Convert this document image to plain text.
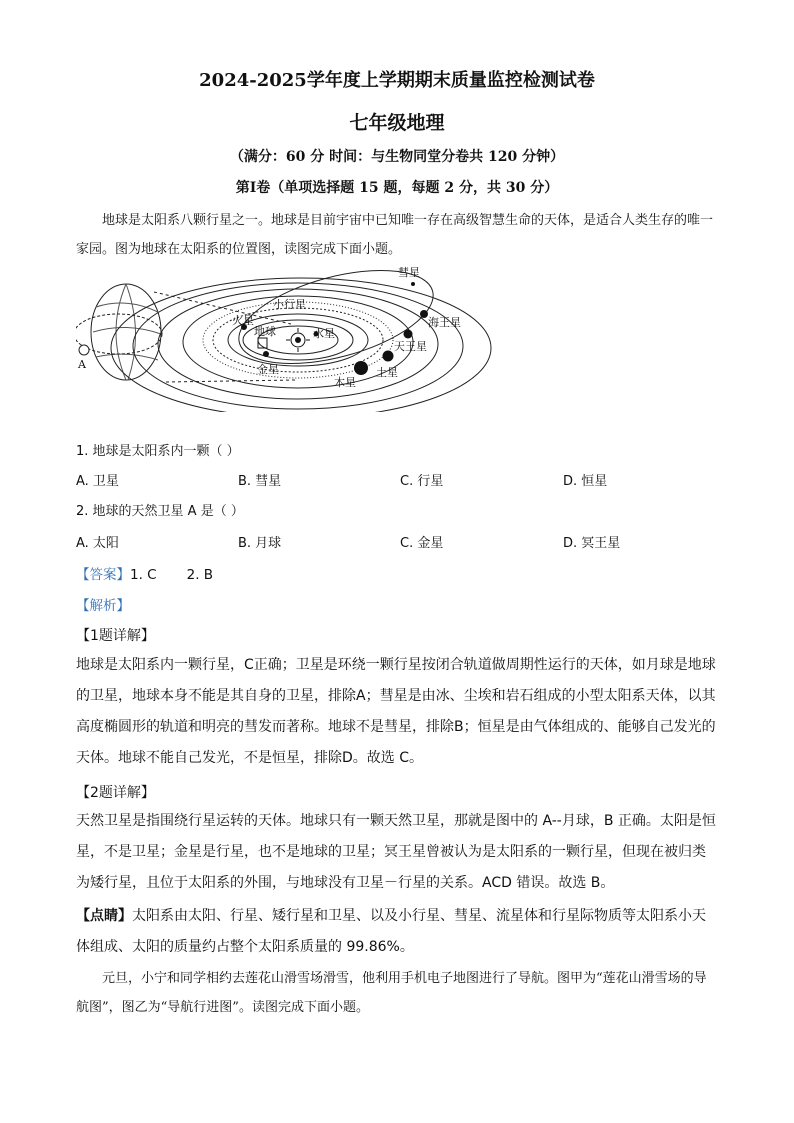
2024-2025学年度上学期期末质量监控检测试卷
七年级地理
（满分：60 分 时间：与生物同堂分卷共 120 分钟）
第Ⅰ卷（单项选择题 15 题，每题 2 分，共 30 分）
地球是太阳系八颗行星之一。地球是目前宇宙中已知唯一存在高级智慧生命的天体，是适合人类生存的唯一家园。图为地球在太阳系的位置图，读图完成下面小题。
A
水星
金星
地球
火星
木星
土星
天王星
海王星
小行星
彗星
1. 地球是太阳系内一颗（ ）
A. 卫星	B. 彗星	C. 行星	D. 恒星
2. 地球的天然卫星 A 是（ ）
A. 太阳	B. 月球	C. 金星	D. 冥王星
【答案】1. C       2. B
【解析】
【1题详解】
地球是太阳系内一颗行星，C正确；卫星是环绕一颗行星按闭合轨道做周期性运行的天体，如月球是地球的卫星，地球本身不能是其自身的卫星，排除A；彗星是由冰、尘埃和岩石组成的小型太阳系天体，以其高度椭圆形的轨道和明亮的彗发而著称。地球不是彗星，排除B；恒星是由气体组成的、能够自己发光的天体。地球不能自己发光，不是恒星，排除D。故选 C。
【2题详解】
天然卫星是指围绕行星运转的天体。地球只有一颗天然卫星，那就是图中的 A--月球，B 正确。太阳是恒星，不是卫星；金星是行星，也不是地球的卫星；冥王星曾被认为是太阳系的一颗行星，但现在被归类为矮行星，且位于太阳系的外围，与地球没有卫星－行星的关系。ACD 错误。故选 B。
【点睛】太阳系由太阳、行星、矮行星和卫星、以及小行星、彗星、流星体和行星际物质等太阳系小天体组成、太阳的质量约占整个太阳系质量的 99.86%。
元旦，小宁和同学相约去莲花山滑雪场滑雪，他利用手机电子地图进行了导航。图甲为“莲花山滑雪场的导航图”，图乙为“导航行进图”。读图完成下面小题。
